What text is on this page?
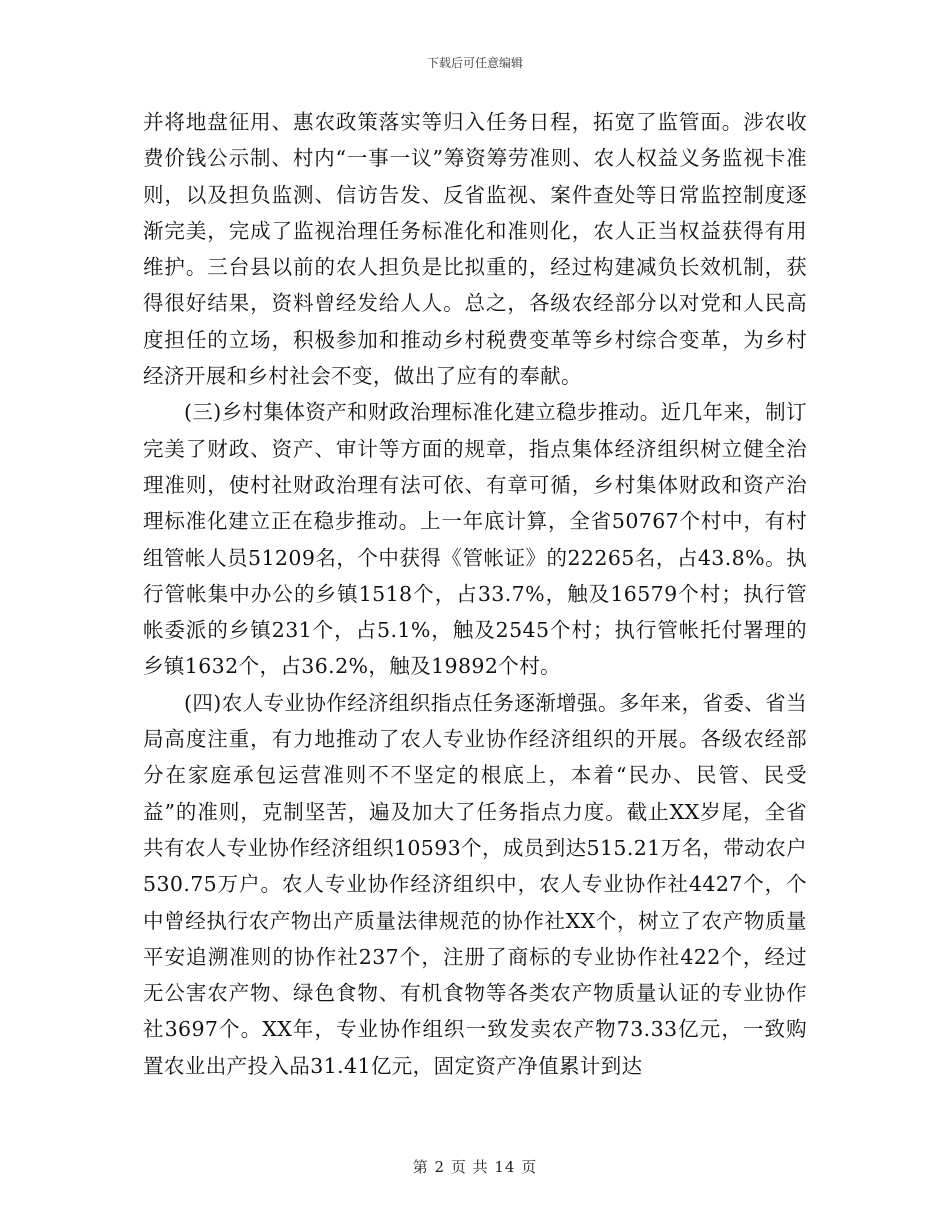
下载后可任意编辑

并将地盘征用、惠农政策落实等归入任务日程，拓宽了监管面。涉农收费价钱公示制、村内“一事一议”筹资筹劳准则、农人权益义务监视卡准则，以及担负监测、信访告发、反省监视、案件查处等日常监控制度逐渐完美，完成了监视治理任务标准化和准则化，农人正当权益获得有用维护。三台县以前的农人担负是比拟重的，经过构建减负长效机制，获得很好结果，资料曾经发给人人。总之，各级农经部分以对党和人民高度担任的立场，积极参加和推动乡村税费变革等乡村综合变革，为乡村经济开展和乡村社会不变，做出了应有的奉献。

(三)乡村集体资产和财政治理标准化建立稳步推动。近几年来，制订完美了财政、资产、审计等方面的规章，指点集体经济组织树立健全治理准则，使村社财政治理有法可依、有章可循，乡村集体财政和资产治理标准化建立正在稳步推动。上一年底计算，全省50767个村中，有村组管帐人员51209名，个中获得《管帐证》的22265名，占43.8%。执行管帐集中办公的乡镇1518个，占33.7%，触及16579个村；执行管帐委派的乡镇231个，占5.1%，触及2545个村；执行管帐托付署理的乡镇1632个，占36.2%，触及19892个村。

(四)农人专业协作经济组织指点任务逐渐增强。多年来，省委、省当局高度注重，有力地推动了农人专业协作经济组织的开展。各级农经部分在家庭承包运营准则不不坚定的根底上，本着“民办、民管、民受益”的准则，克制坚苦，遍及加大了任务指点力度。截止XX岁尾，全省共有农人专业协作经济组织10593个，成员到达515.21万名，带动农户530.75万户。农人专业协作经济组织中，农人专业协作社4427个，个中曾经执行农产物出产质量法律规范的协作社XX个，树立了农产物质量平安追溯准则的协作社237个，注册了商标的专业协作社422个，经过无公害农产物、绿色食物、有机食物等各类农产物质量认证的专业协作社3697个。XX年，专业协作组织一致发卖农产物73.33亿元，一致购置农业出产投入品31.41亿元，固定资产净值累计到达

第 2 页 共 14 页
